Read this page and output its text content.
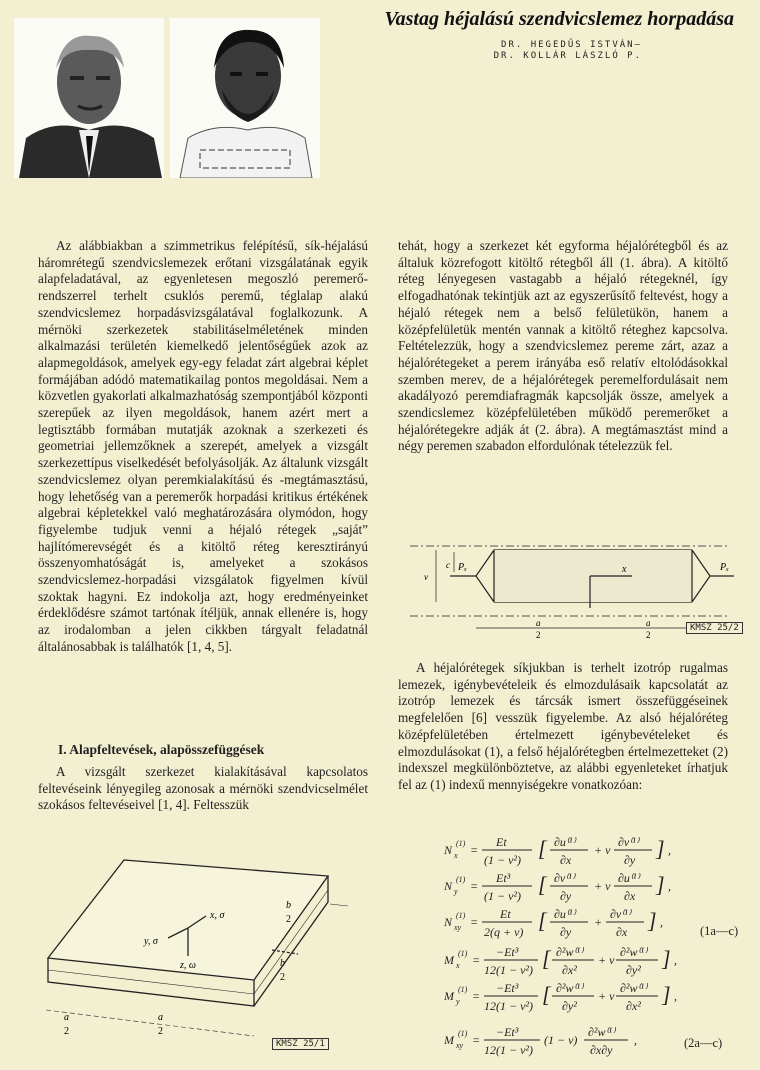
Vastag héjalású szendvicslemez horpadása
DR. HEGEDŰS ISTVÁN—
DR. KOLLÁR LÁSZLÓ P.

Az alábbiakban a szimmetrikus felépítésű, sík-héjalású háromrétegű szendvicslemezek erőtani vizsgálatának egyik alapfeladatával, az egyenletesen megoszló peremerő-rendszerrel terhelt csuklós peremű, téglalap alakú szendvicslemez horpadásvizsgálatával foglalkozunk. A mérnöki szerkezetek stabilitáselméletének minden alkalmazási területén kiemelkedő jelentőségűek azok az alapmegoldások, amelyek egy-egy feladat zárt algebrai képlet formájában adódó matematikailag pontos megoldásai. Nem a közvetlen gyakorlati alkalmazhatóság szempontjából központi szerepűek az ilyen megoldások, hanem azért mert a legtisztább formában mutatják azoknak a szerkezeti és geometriai jellemzőknek a szerepét, amelyek a vizsgált szerkezettípus viselkedését befolyásolják. Az általunk vizsgált szendvicslemez olyan peremkialakítású és -megtámasztású, hogy lehetőség van a peremerők horpadási kritikus értékének algebrai képletekkel való meghatározására olymódon, hogy figyelembe tudjuk venni a héjaló rétegek „saját” hajlítómerevségét és a kitöltő réteg keresztirányú összenyomhatóságát is, amelyeket a szokásos szendvicslemez-horpadási vizsgálatok figyelmen kívül szoktak hagyni. Ez indokolja azt, hogy eredményeinket érdeklődésre számot tartónak ítéljük, annak ellenére is, hogy az irodalomban a jelen cikkben tárgyalt feladatnál általánosabbak is találhatók [1, 4, 5].

I. Alapfeltevések, alapösszefüggések

A vizsgált szerkezet kialakításával kapcsolatos feltevéseink lényegileg azonosak a mérnöki szendvicselmélet szokásos feltevéseivel [1, 4]. Feltesszük

x, σ
y, σ
z, ω
b
2
b
2
a
2
a
2
KMSZ 25/1

tehát, hogy a szerkezet két egyforma héjalórétegből és az általuk közrefogott kitöltő rétegből áll (1. ábra). A kitöltő réteg lényegesen vastagabb a héjaló rétegeknél, így elfogadhatónak tekintjük azt az egyszerűsítő feltevést, hogy a héjaló rétegek nem a belső felületükön, hanem a középfelületük mentén vannak a kitöltő réteghez kapcsolva. Feltételezzük, hogy a szendvicslemez pereme zárt, azaz a héjalórétegeket a perem irányába eső relatív eltolódásokkal szemben merev, de a héjalórétegek peremelfordulásait nem akadályozó peremdiafragmák kapcsolják össze, amelyek a szendicslemez középfelületében működő peremerőket a héjalórétegekre adják át (2. ábra). A megtámasztást mind a négy peremen szabadon elfordulónak tételezzük fel.

Pₓ	Pₓ
x
v
c
a
2
a
2
KMSZ 25/2

A héjalórétegek síkjukban is terhelt izotróp rugalmas lemezek, igénybevételeik és elmozdulásaik kapcsolatát az izotróp lemezek és tárcsák ismert összefüggéseinek megfelelően [6] vesszük figyelembe. Az alsó héjalóréteg középfelületében értelmezett igénybevételeket és elmozdulásokat (1), a felső héjalórétegben értelmezetteket (2) indexszel megkülönböztetve, az alábbi egyenleteket írhatjuk fel az (1) indexű mennyiségekre vonatkozóan:

N (1)
x =
Et
(1 − ν²) [ ∂u⁽¹⁾
∂x
+ ν
∂v⁽¹⁾
∂y ] ,
N (1)
y =
Et³
(1 − ν²) [ ∂v⁽¹⁾
∂y
+ ν
∂u⁽¹⁾
∂x ] ,
N (1)
xy =
Et
2(q + ν) [ ∂u⁽¹⁾
∂y
+
∂v⁽¹⁾
∂x ] ,
M (1)
x =
−Et³
12(1 − ν²) [ ∂²w⁽¹⁾
∂x²
+ ν
∂²w⁽¹⁾
∂y² ] ,
M (1)
y =
−Et³
12(1 − ν²) [ ∂²w⁽¹⁾
∂y²
+ ν
∂²w⁽¹⁾
∂x² ] ,
M (1)
xy =
−Et³
12(1 − ν²)
(1 − ν)
∂²w⁽¹⁾
∂x∂y
,
(1a—c)
(2a—c)
